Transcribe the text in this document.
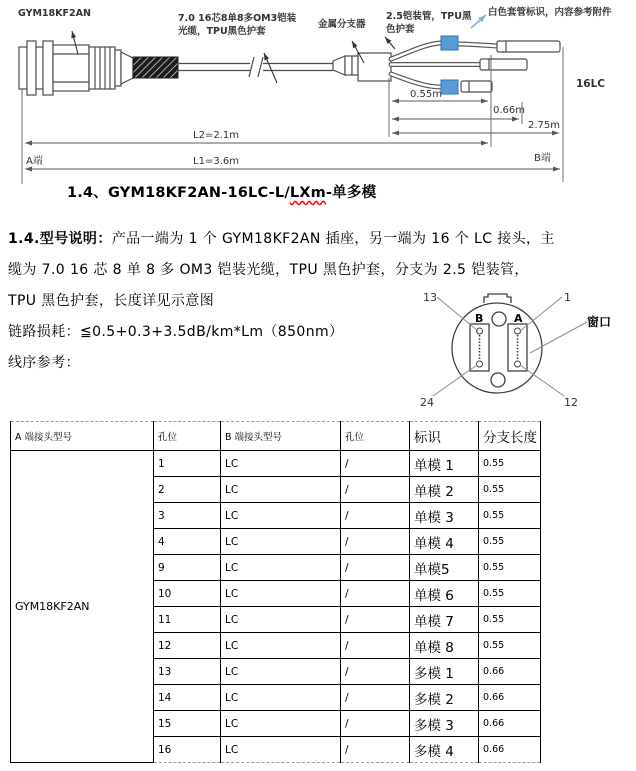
GYM18KF2AN	7.0 16芯8单8多OM3铠装
光缆，TPU黑色护套
金属分支器
2.5铠装管，TPU黑
色护套
白色套管标识，内容参考附件
16LC
0.55m
0.66m
2.75m
L2=2.1m
L1=3.6m
A端	B端
1.4、GYM18KF2AN-16LC-L/LXm-单多模
1.4.型号说明：产品一端为 1 个 GYM18KF2AN 插座，另一端为 16 个 LC 接头，主
缆为 7.0 16 芯 8 单 8 多 OM3 铠装光缆，TPU 黑色护套，分支为 2.5 铠装管，
TPU 黑色护套，长度详见示意图
链路损耗：≦0.5+0.3+3.5dB/km*Lm（850nm）
线序参考：
13	1
24	12
窗口
B	A
A 端接头型号	孔位	B 端接头型号	孔位	标识	分支长度
GYM18KF2AN	1	LC	/	单模 1	0.55
	2	LC	/	单模 2	0.55
	3	LC	/	单模 3	0.55
	4	LC	/	单模 4	0.55
	9	LC	/	单模5	0.55
	10	LC	/	单模 6	0.55
	11	LC	/	单模 7	0.55
	12	LC	/	单模 8	0.55
	13	LC	/	多模 1	0.66
	14	LC	/	多模 2	0.66
	15	LC	/	多模 3	0.66
	16	LC	/	多模 4	0.66
